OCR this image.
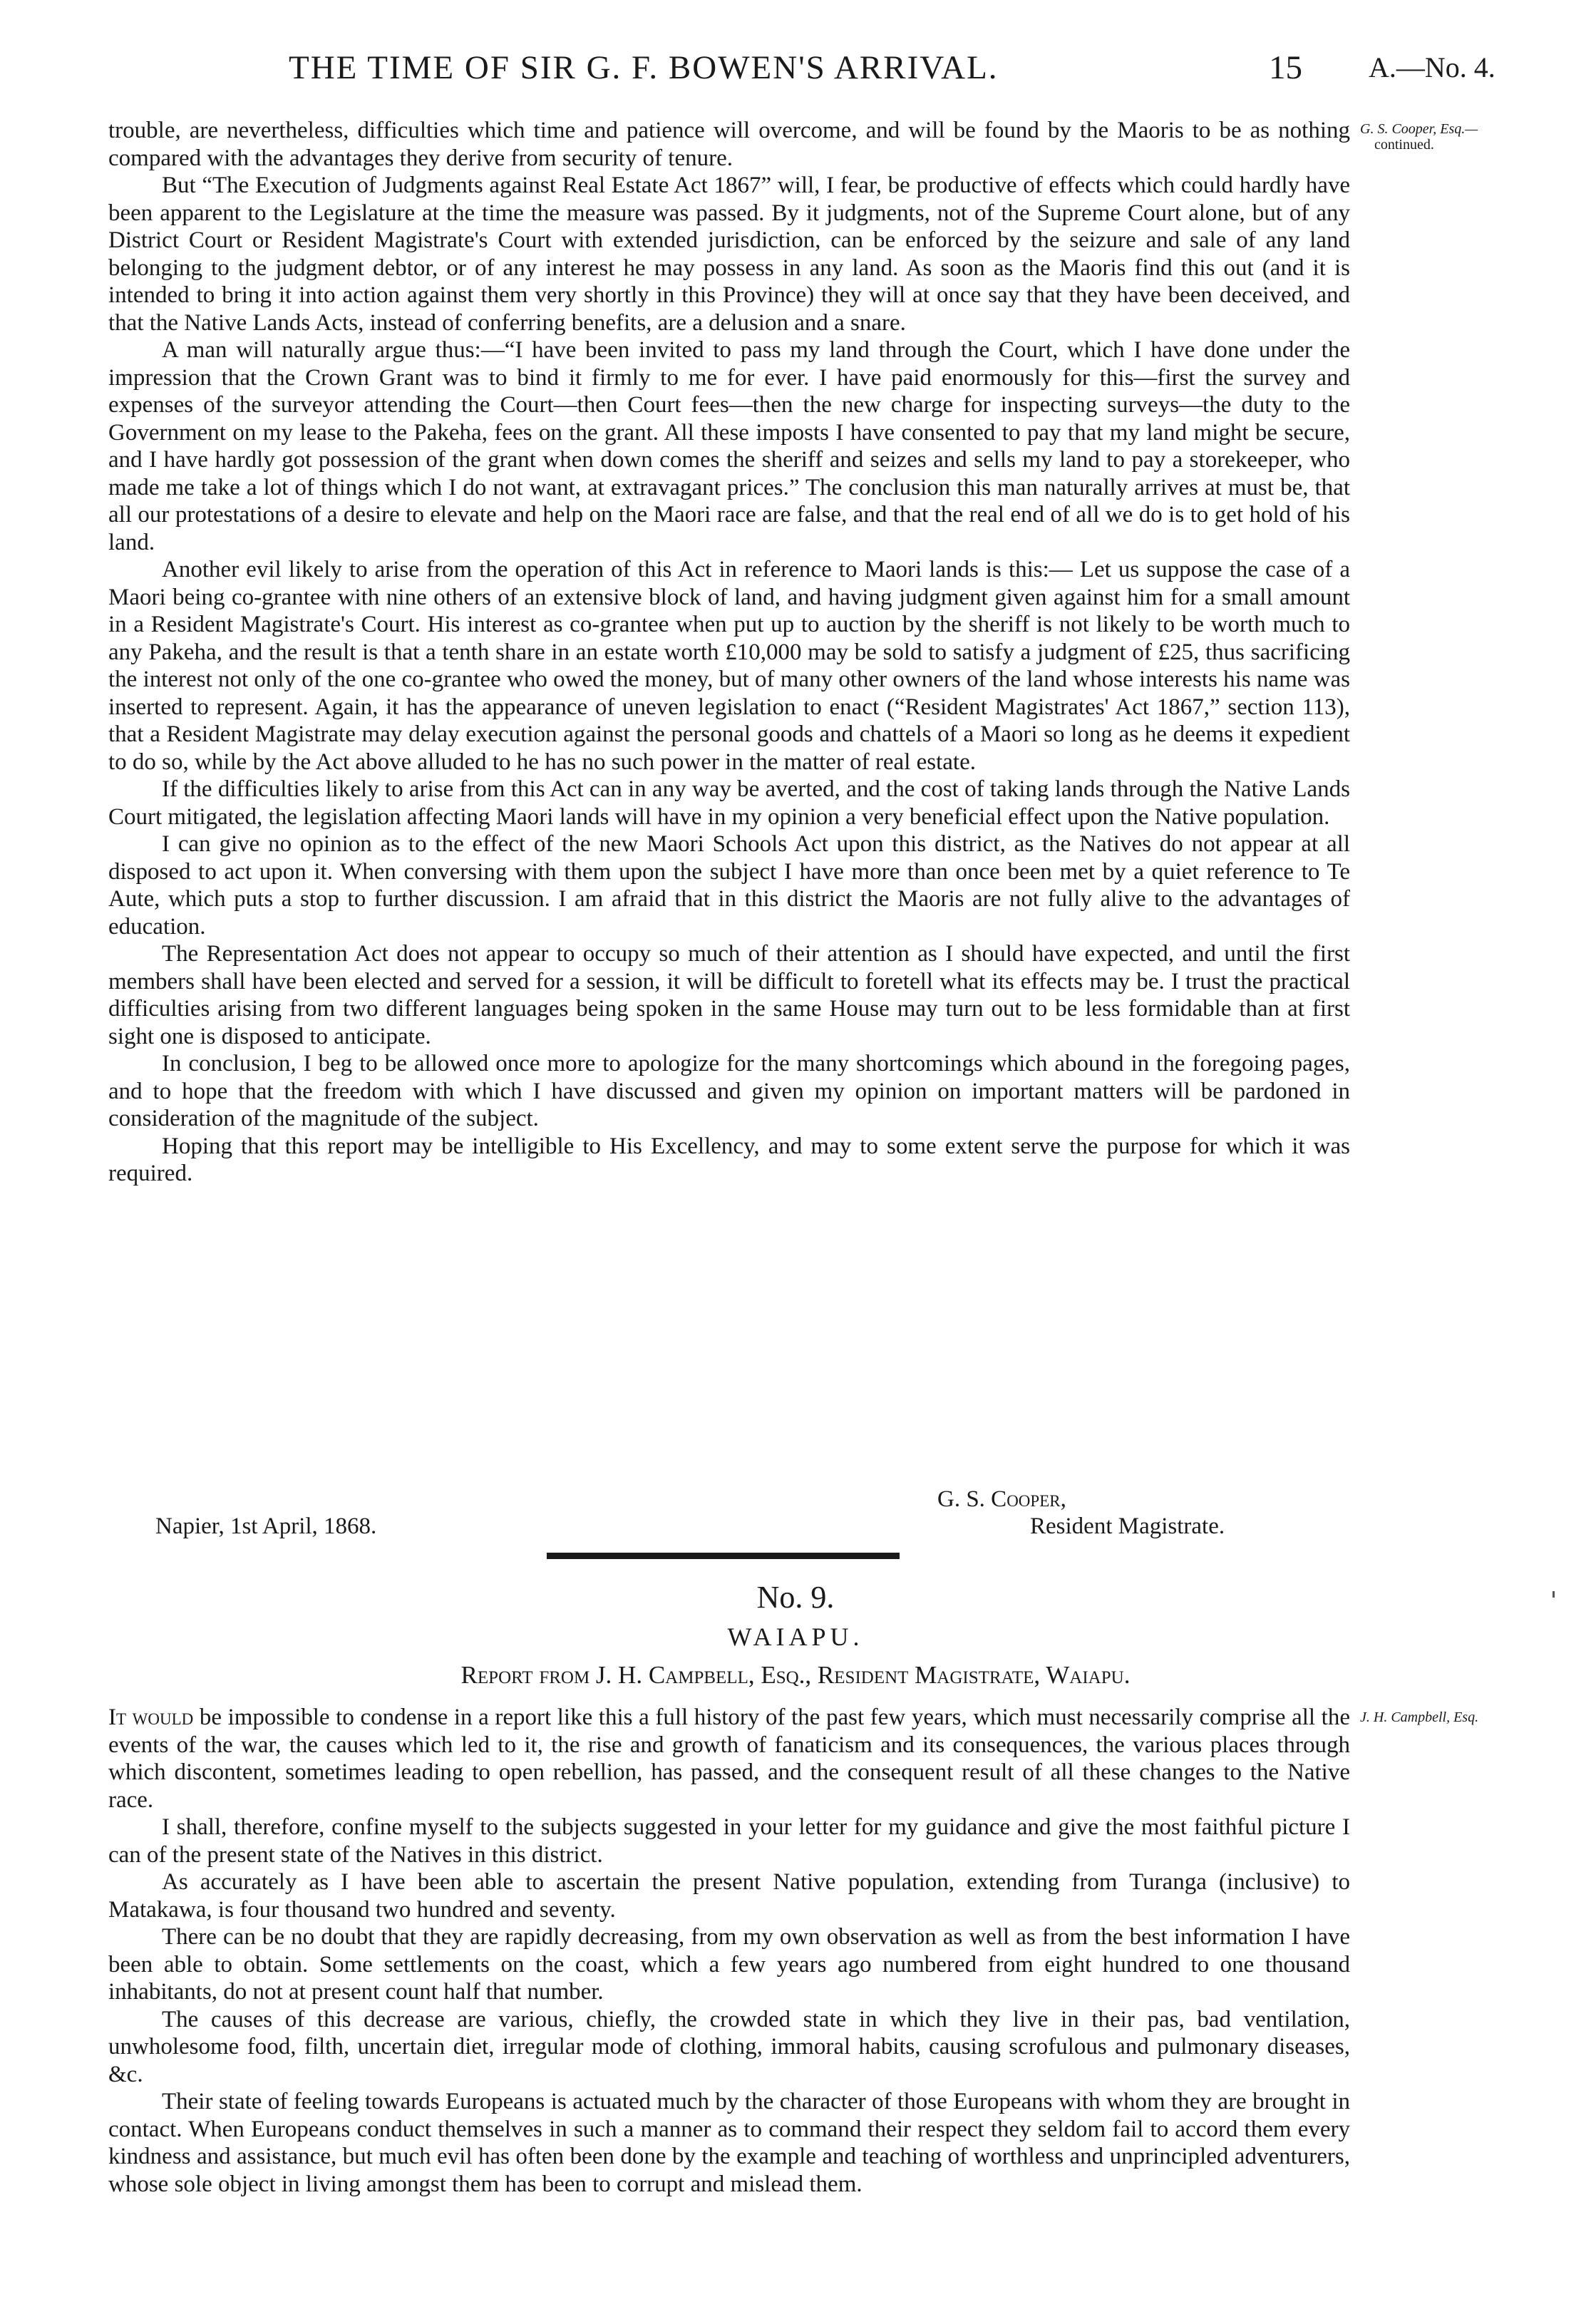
THE TIME OF SIR G. F. BOWEN'S ARRIVAL.	15 A.—No. 4.
G. S. Cooper, Esq.—
continued.

trouble, are nevertheless, difficulties which time and patience will overcome, and will be found by the Maoris to be as nothing compared with the advantages they derive from security of tenure.

But “The Execution of Judgments against Real Estate Act 1867” will, I fear, be productive of effects which could hardly have been apparent to the Legislature at the time the measure was passed. By it judgments, not of the Supreme Court alone, but of any District Court or Resident Magistrate's Court with extended jurisdiction, can be enforced by the seizure and sale of any land belonging to the judgment debtor, or of any interest he may possess in any land. As soon as the Maoris find this out (and it is intended to bring it into action against them very shortly in this Province) they will at once say that they have been deceived, and that the Native Lands Acts, instead of conferring benefits, are a delusion and a snare.

A man will naturally argue thus:—“I have been invited to pass my land through the Court, which I have done under the impression that the Crown Grant was to bind it firmly to me for ever. I have paid enormously for this—first the survey and expenses of the surveyor attending the Court—then Court fees—then the new charge for inspecting surveys—the duty to the Government on my lease to the Pakeha, fees on the grant. All these imposts I have consented to pay that my land might be secure, and I have hardly got possession of the grant when down comes the sheriff and seizes and sells my land to pay a storekeeper, who made me take a lot of things which I do not want, at extravagant prices.” The conclusion this man naturally arrives at must be, that all our protestations of a desire to elevate and help on the Maori race are false, and that the real end of all we do is to get hold of his land.

Another evil likely to arise from the operation of this Act in reference to Maori lands is this:— Let us suppose the case of a Maori being co-grantee with nine others of an extensive block of land, and having judgment given against him for a small amount in a Resident Magistrate's Court. His interest as co-grantee when put up to auction by the sheriff is not likely to be worth much to any Pakeha, and the result is that a tenth share in an estate worth £10,000 may be sold to satisfy a judgment of £25, thus sacrificing the interest not only of the one co-grantee who owed the money, but of many other owners of the land whose interests his name was inserted to represent. Again, it has the appearance of uneven legislation to enact (“Resident Magistrates' Act 1867,” section 113), that a Resident Magistrate may delay execution against the personal goods and chattels of a Maori so long as he deems it expedient to do so, while by the Act above alluded to he has no such power in the matter of real estate.

If the difficulties likely to arise from this Act can in any way be averted, and the cost of taking lands through the Native Lands Court mitigated, the legislation affecting Maori lands will have in my opinion a very beneficial effect upon the Native population.

I can give no opinion as to the effect of the new Maori Schools Act upon this district, as the Natives do not appear at all disposed to act upon it. When conversing with them upon the subject I have more than once been met by a quiet reference to Te Aute, which puts a stop to further discussion. I am afraid that in this district the Maoris are not fully alive to the advantages of education.

The Representation Act does not appear to occupy so much of their attention as I should have expected, and until the first members shall have been elected and served for a session, it will be difficult to foretell what its effects may be. I trust the practical difficulties arising from two different languages being spoken in the same House may turn out to be less formidable than at first sight one is disposed to anticipate.

In conclusion, I beg to be allowed once more to apologize for the many shortcomings which abound in the foregoing pages, and to hope that the freedom with which I have discussed and given my opinion on important matters will be pardoned in consideration of the magnitude of the subject.

Hoping that this report may be intelligible to His Excellency, and may to some extent serve the purpose for which it was required.

G. S. Cooper,
Napier, 1st April, 1868.	Resident Magistrate.
No. 9.
WAIAPU.
Report from J. H. Campbell, Esq., Resident Magistrate, Waiapu.
J. H. Campbell, Esq.

It would be impossible to condense in a report like this a full history of the past few years, which must necessarily comprise all the events of the war, the causes which led to it, the rise and growth of fanaticism and its consequences, the various places through which discontent, sometimes leading to open rebellion, has passed, and the consequent result of all these changes to the Native race.

I shall, therefore, confine myself to the subjects suggested in your letter for my guidance and give the most faithful picture I can of the present state of the Natives in this district.

As accurately as I have been able to ascertain the present Native population, extending from Turanga (inclusive) to Matakawa, is four thousand two hundred and seventy.

There can be no doubt that they are rapidly decreasing, from my own observation as well as from the best information I have been able to obtain. Some settlements on the coast, which a few years ago numbered from eight hundred to one thousand inhabitants, do not at present count half that number.

The causes of this decrease are various, chiefly, the crowded state in which they live in their pas, bad ventilation, unwholesome food, filth, uncertain diet, irregular mode of clothing, immoral habits, causing scrofulous and pulmonary diseases, &c.

Their state of feeling towards Europeans is actuated much by the character of those Europeans with whom they are brought in contact. When Europeans conduct themselves in such a manner as to command their respect they seldom fail to accord them every kindness and assistance, but much evil has often been done by the example and teaching of worthless and unprincipled adventurers, whose sole object in living amongst them has been to corrupt and mislead them.
